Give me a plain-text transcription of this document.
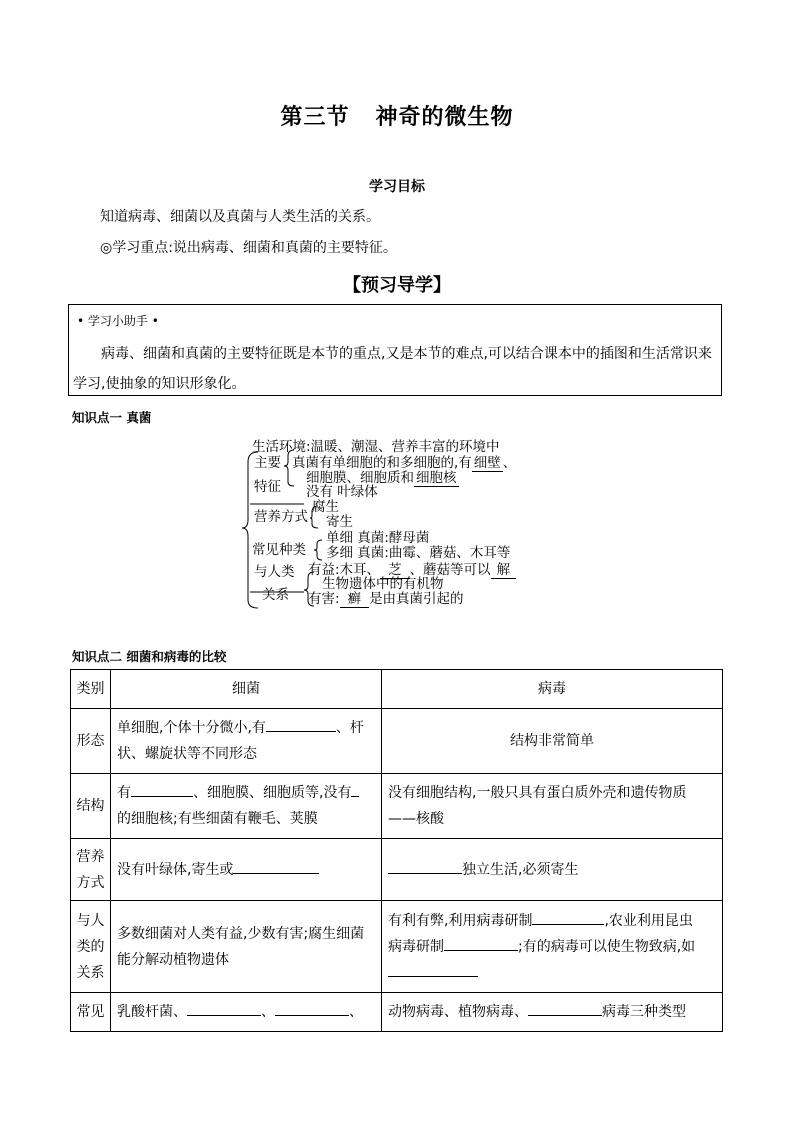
第三节 神奇的微生物
学习目标
知道病毒、细菌以及真菌与人类生活的关系。
◎学习重点:说出病毒、细菌和真菌的主要特征。
【预习导学】
• 学习小助手 •
病毒、细菌和真菌的主要特征既是本节的重点,又是本节的难点,可以结合课本中的插图和生活常识来
学习,使抽象的知识形象化。
知识点一 真菌
生活环境:温暖、潮湿、营养丰富的环境中
主要
特征
真菌有单细胞的和多细胞的,有 细壁 、
细胞膜、细胞质和 细胞核
没有 叶绿体
营养方式
腐生
寄生
常见种类
单细 真菌:酵母菌
多细 真菌:曲霉、蘑菇、木耳等
与人类
关系
有益:木耳、 芝 、蘑菇等可以 解
生物遗体中的有机物
有害: 癣 是由真菌引起的
知识点二 细菌和病毒的比较
类别	细菌	病毒
形态	单细胞,个体十分微小,有 、杆
状、螺旋状等不同形态	结构非常简单
结构	有 、细胞膜、细胞质等,没有
的细胞核;有些细菌有鞭毛、荚膜	没有细胞结构,一般只具有蛋白质外壳和遗传物质
——核酸
营养
方式	没有叶绿体,寄生或	独立生活,必须寄生
与人
类的
关系	多数细菌对人类有益,少数有害;腐生细菌
能分解动植物遗体	有利有弊,利用病毒研制 ,农业利用昆虫
病毒研制 ;有的病毒可以使生物致病,如

常见	乳酸杆菌、 、 、	动物病毒、植物病毒、 病毒三种类型
